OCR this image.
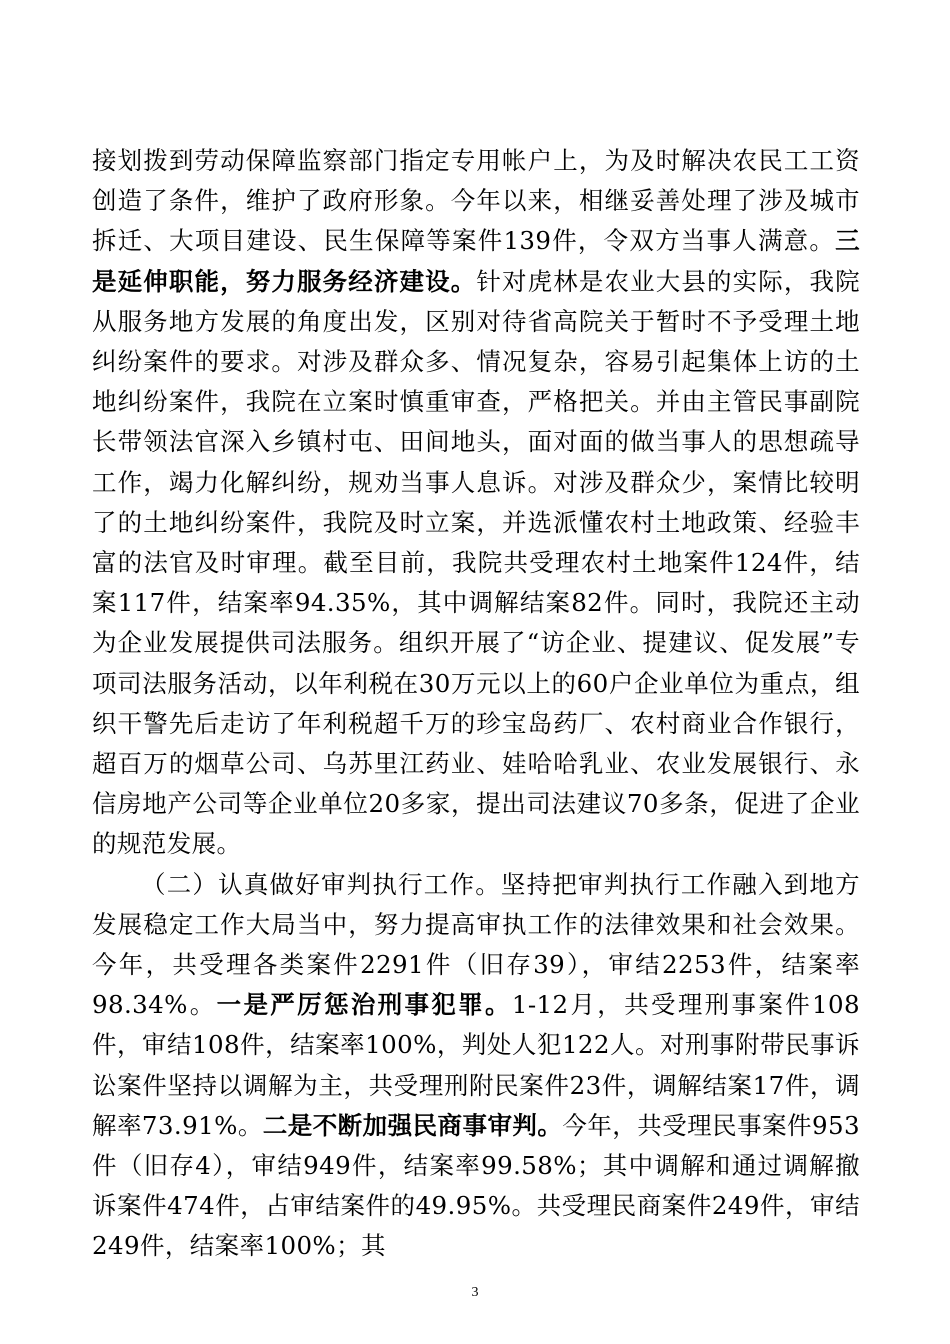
接划拨到劳动保障监察部门指定专用帐户上，为及时解决农民工工资创造了条件，维护了政府形象。今年以来，相继妥善处理了涉及城市拆迁、大项目建设、民生保障等案件139件，令双方当事人满意。三是延伸职能，努力服务经济建设。针对虎林是农业大县的实际，我院从服务地方发展的角度出发，区别对待省高院关于暂时不予受理土地纠纷案件的要求。对涉及群众多、情况复杂，容易引起集体上访的土地纠纷案件，我院在立案时慎重审查，严格把关。并由主管民事副院长带领法官深入乡镇村屯、田间地头，面对面的做当事人的思想疏导工作，竭力化解纠纷，规劝当事人息诉。对涉及群众少，案情比较明了的土地纠纷案件，我院及时立案，并选派懂农村土地政策、经验丰富的法官及时审理。截至目前，我院共受理农村土地案件124件，结案117件，结案率94.35%，其中调解结案82件。同时，我院还主动为企业发展提供司法服务。组织开展了“访企业、提建议、促发展”专项司法服务活动，以年利税在30万元以上的60户企业单位为重点，组织干警先后走访了年利税超千万的珍宝岛药厂、农村商业合作银行，超百万的烟草公司、乌苏里江药业、娃哈哈乳业、农业发展银行、永信房地产公司等企业单位20多家，提出司法建议70多条，促进了企业的规范发展。

（二）认真做好审判执行工作。坚持把审判执行工作融入到地方发展稳定工作大局当中，努力提高审执工作的法律效果和社会效果。今年，共受理各类案件2291件（旧存39），审结2253件，结案率98.34%。一是严厉惩治刑事犯罪。1-12月，共受理刑事案件108件，审结108件，结案率100%，判处人犯122人。对刑事附带民事诉讼案件坚持以调解为主，共受理刑附民案件23件，调解结案17件，调解率73.91%。二是不断加强民商事审判。今年，共受理民事案件953件（旧存4），审结949件，结案率99.58%；其中调解和通过调解撤诉案件474件，占审结案件的49.95%。共受理民商案件249件，审结249件，结案率100%；其

3
